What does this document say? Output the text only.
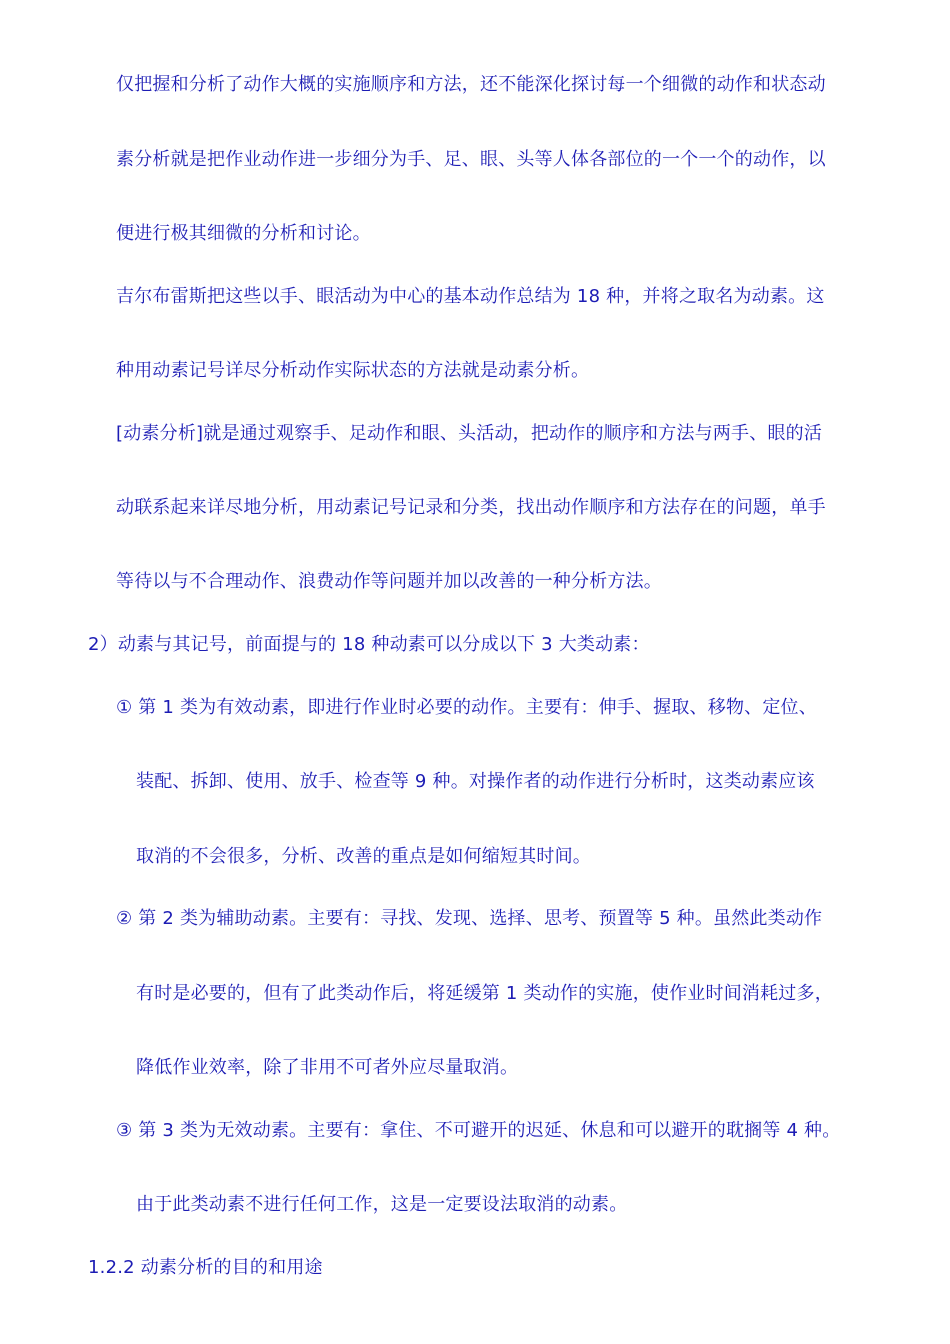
仅把握和分析了动作大概的实施顺序和方法，还不能深化探讨每一个细微的动作和状态动
素分析就是把作业动作进一步细分为手、足、眼、头等人体各部位的一个一个的动作，以
便进行极其细微的分析和讨论。
吉尔布雷斯把这些以手、眼活动为中心的基本动作总结为 18 种，并将之取名为动素。这
种用动素记号详尽分析动作实际状态的方法就是动素分析。
[动素分析]就是通过观察手、足动作和眼、头活动，把动作的顺序和方法与两手、眼的活
动联系起来详尽地分析，用动素记号记录和分类，找出动作顺序和方法存在的问题，单手
等待以与不合理动作、浪费动作等问题并加以改善的一种分析方法。
2）动素与其记号，前面提与的 18 种动素可以分成以下 3 大类动素：
① 第 1 类为有效动素，即进行作业时必要的动作。主要有：伸手、握取、移物、定位、
装配、拆卸、使用、放手、检查等 9 种。对操作者的动作进行分析时，这类动素应该
取消的不会很多，分析、改善的重点是如何缩短其时间。
② 第 2 类为辅助动素。主要有：寻找、发现、选择、思考、预置等 5 种。虽然此类动作
有时是必要的，但有了此类动作后，将延缓第 1 类动作的实施，使作业时间消耗过多，
降低作业效率，除了非用不可者外应尽量取消。
③ 第 3 类为无效动素。主要有：拿住、不可避开的迟延、休息和可以避开的耽搁等 4 种。
由于此类动素不进行任何工作，这是一定要设法取消的动素。
1.2.2 动素分析的目的和用途
